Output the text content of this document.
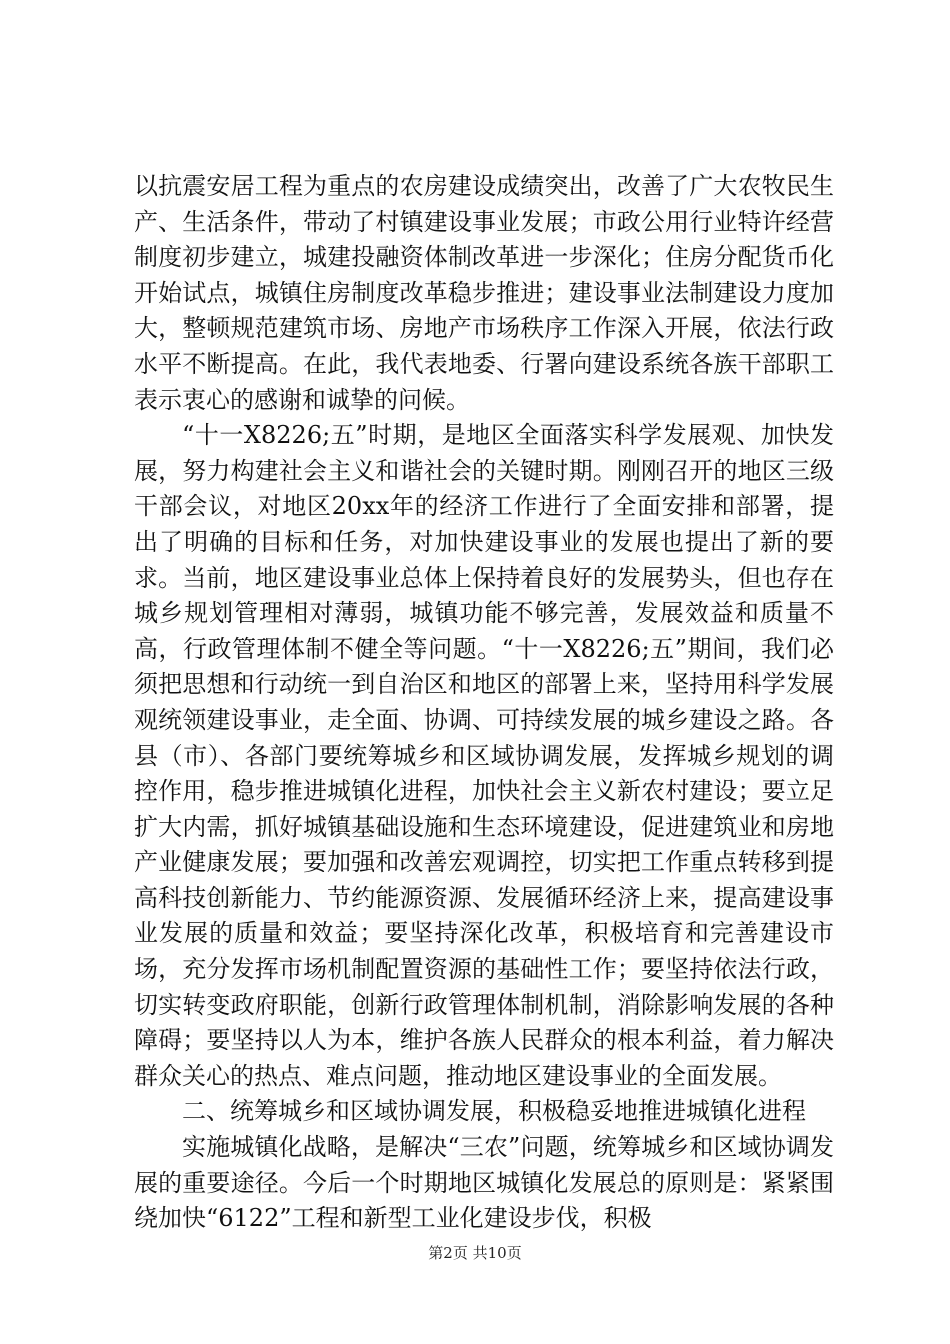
以抗震安居工程为重点的农房建设成绩突出，改善了广大农牧民生产、生活条件，带动了村镇建设事业发展；市政公用行业特许经营制度初步建立，城建投融资体制改革进一步深化；住房分配货币化开始试点，城镇住房制度改革稳步推进；建设事业法制建设力度加大，整顿规范建筑市场、房地产市场秩序工作深入开展，依法行政水平不断提高。在此，我代表地委、行署向建设系统各族干部职工表示衷心的感谢和诚挚的问候。

“十一X8226;五”时期，是地区全面落实科学发展观、加快发展，努力构建社会主义和谐社会的关键时期。刚刚召开的地区三级干部会议，对地区20xx年的经济工作进行了全面安排和部署，提出了明确的目标和任务，对加快建设事业的发展也提出了新的要求。当前，地区建设事业总体上保持着良好的发展势头，但也存在城乡规划管理相对薄弱，城镇功能不够完善，发展效益和质量不高，行政管理体制不健全等问题。“十一X8226;五”期间，我们必须把思想和行动统一到自治区和地区的部署上来，坚持用科学发展观统领建设事业，走全面、协调、可持续发展的城乡建设之路。各县（市）、各部门要统筹城乡和区域协调发展，发挥城乡规划的调控作用，稳步推进城镇化进程，加快社会主义新农村建设；要立足扩大内需，抓好城镇基础设施和生态环境建设，促进建筑业和房地产业健康发展；要加强和改善宏观调控，切实把工作重点转移到提高科技创新能力、节约能源资源、发展循环经济上来，提高建设事业发展的质量和效益；要坚持深化改革，积极培育和完善建设市场，充分发挥市场机制配置资源的基础性工作；要坚持依法行政，切实转变政府职能，创新行政管理体制机制，消除影响发展的各种障碍；要坚持以人为本，维护各族人民群众的根本利益，着力解决群众关心的热点、难点问题，推动地区建设事业的全面发展。

二、统筹城乡和区域协调发展，积极稳妥地推进城镇化进程

实施城镇化战略，是解决“三农”问题，统筹城乡和区域协调发展的重要途径。今后一个时期地区城镇化发展总的原则是：紧紧围绕加快“6122”工程和新型工业化建设步伐，积极

第2页 共10页
